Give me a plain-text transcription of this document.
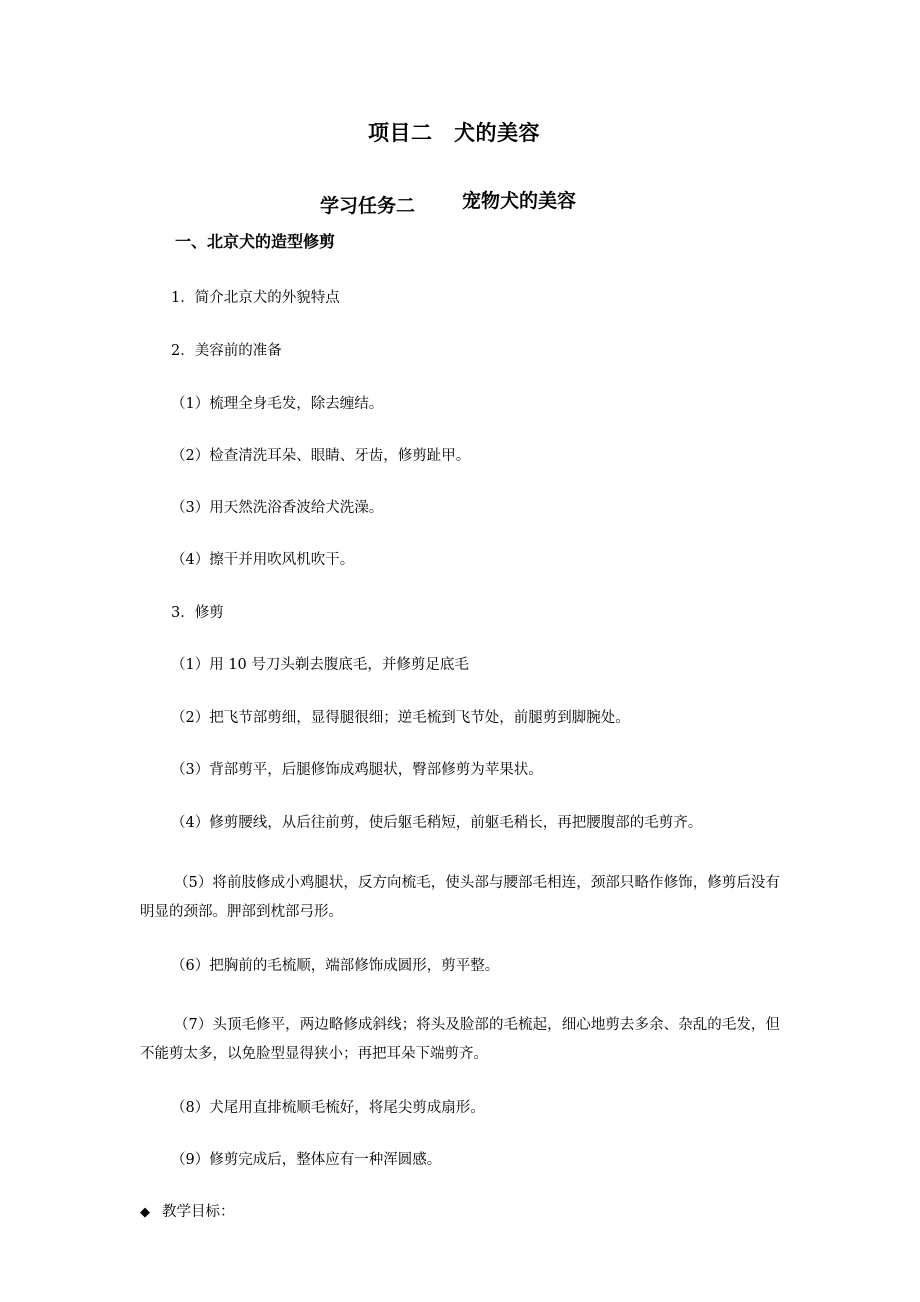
项目二　犬的美容
学习任务二 宠物犬的美容
一、北京犬的造型修剪
1．简介北京犬的外貌特点
2．美容前的准备
（1）梳理全身毛发，除去缠结。
（2）检查清洗耳朵、眼睛、牙齿，修剪趾甲。
（3）用天然洗浴香波给犬洗澡。
（4）擦干并用吹风机吹干。
3．修剪
（1）用 10 号刀头剃去腹底毛，并修剪足底毛
（2）把飞节部剪细，显得腿很细；逆毛梳到飞节处，前腿剪到脚腕处。
（3）背部剪平，后腿修饰成鸡腿状，臀部修剪为苹果状。
（4）修剪腰线，从后往前剪，使后躯毛稍短，前躯毛稍长，再把腰腹部的毛剪齐。
（5）将前肢修成小鸡腿状，反方向梳毛，使头部与腰部毛相连，颈部只略作修饰，修剪后没有明显的颈部。胛部到枕部弓形。
（6）把胸前的毛梳顺，端部修饰成圆形，剪平整。
（7）头顶毛修平，两边略修成斜线；将头及脸部的毛梳起，细心地剪去多余、杂乱的毛发，但不能剪太多，以免脸型显得狭小；再把耳朵下端剪齐。
（8）犬尾用直排梳顺毛梳好，将尾尖剪成扇形。
（9）修剪完成后，整体应有一种浑圆感。
◆ 教学目标：
